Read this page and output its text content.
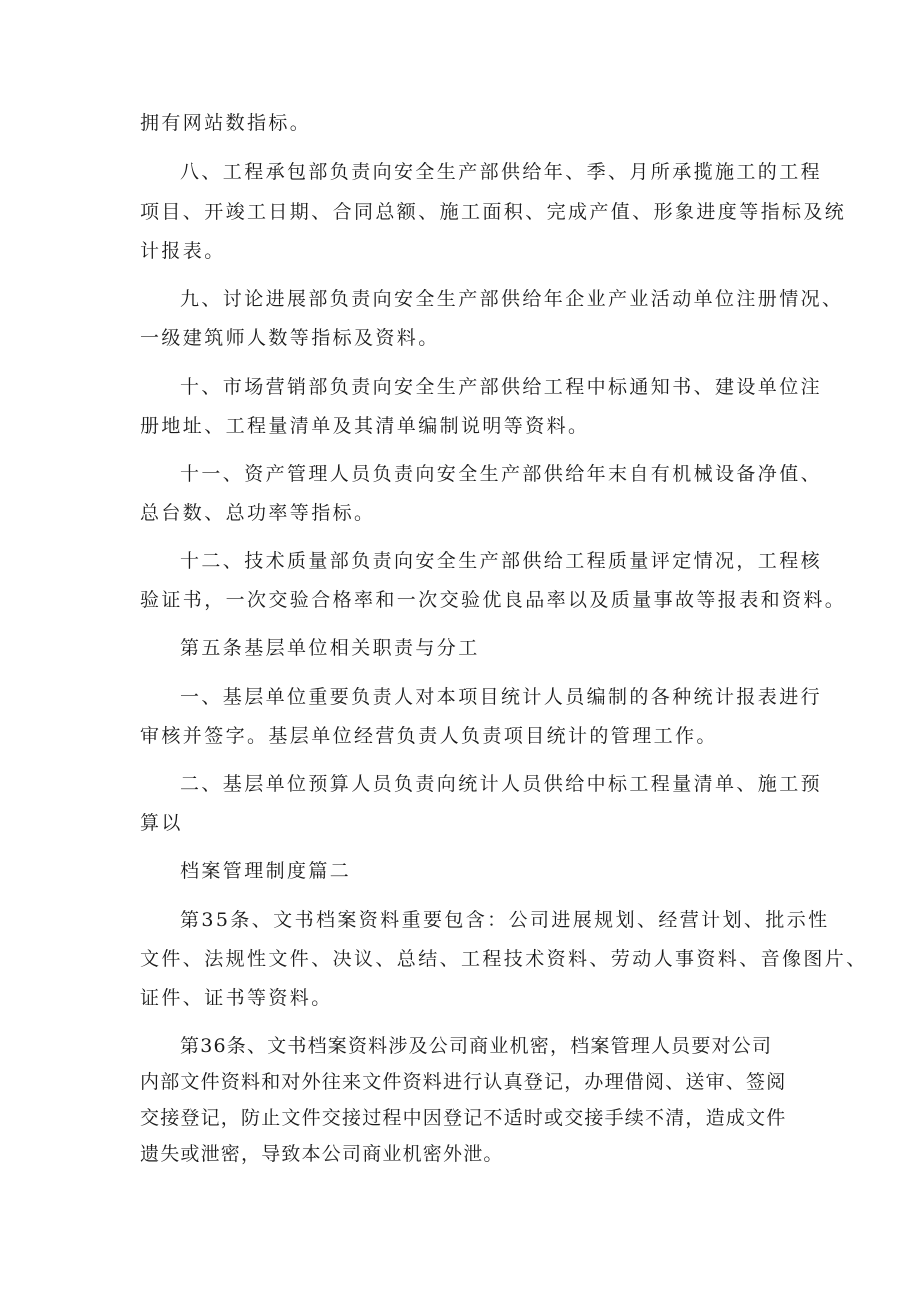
拥有网站数指标。
八、工程承包部负责向安全生产部供给年、季、月所承揽施工的工程
项目、开竣工日期、合同总额、施工面积、完成产值、形象进度等指标及统
计报表。
九、讨论进展部负责向安全生产部供给年企业产业活动单位注册情况、
一级建筑师人数等指标及资料。
十、市场营销部负责向安全生产部供给工程中标通知书、建设单位注
册地址、工程量清单及其清单编制说明等资料。
十一、资产管理人员负责向安全生产部供给年末自有机械设备净值、
总台数、总功率等指标。
十二、技术质量部负责向安全生产部供给工程质量评定情况，工程核
验证书，一次交验合格率和一次交验优良品率以及质量事故等报表和资料。
第五条基层单位相关职责与分工
一、基层单位重要负责人对本项目统计人员编制的各种统计报表进行
审核并签字。基层单位经营负责人负责项目统计的管理工作。
二、基层单位预算人员负责向统计人员供给中标工程量清单、施工预
算以
档案管理制度篇二
第35条、文书档案资料重要包含：公司进展规划、经营计划、批示性
文件、法规性文件、决议、总结、工程技术资料、劳动人事资料、音像图片、
证件、证书等资料。
第36条、文书档案资料涉及公司商业机密，档案管理人员要对公司
内部文件资料和对外往来文件资料进行认真登记，办理借阅、送审、签阅
交接登记，防止文件交接过程中因登记不适时或交接手续不清，造成文件
遗失或泄密，导致本公司商业机密外泄。
